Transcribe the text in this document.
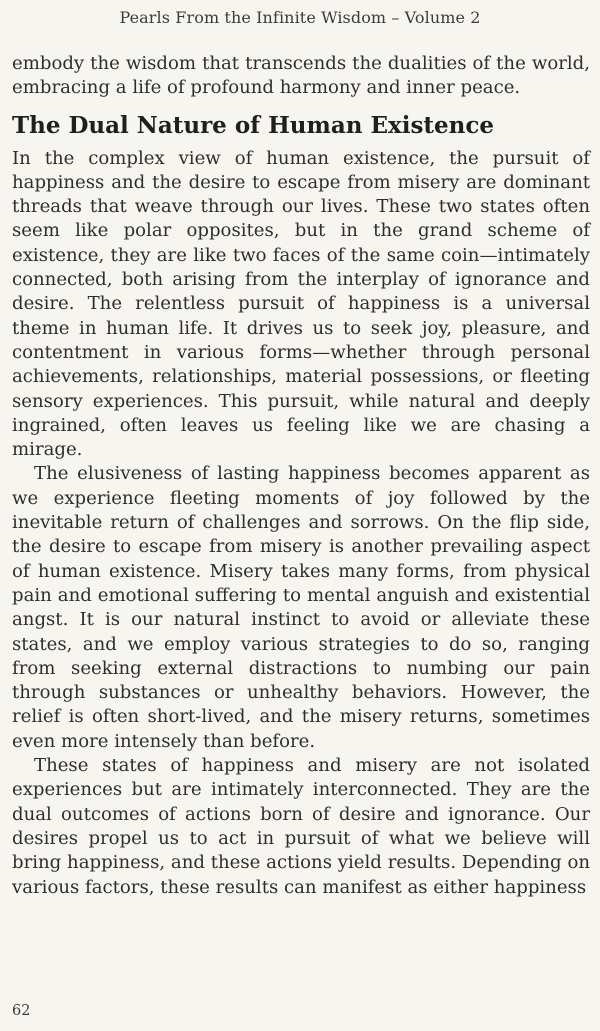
Pearls From the Infinite Wisdom – Volume 2

embody the wisdom that transcends the dualities of the world, embracing a life of profound harmony and inner peace.

The Dual Nature of Human Existence

In the complex view of human existence, the pursuit of happiness and the desire to escape from misery are dominant threads that weave through our lives. These two states often seem like polar opposites, but in the grand scheme of existence, they are like two faces of the same coin—intimately connected, both arising from the interplay of ignorance and desire. The relentless pursuit of happiness is a universal theme in human life. It drives us to seek joy, pleasure, and contentment in various forms—whether through personal achievements, relationships, material possessions, or fleeting sensory experiences. This pursuit, while natural and deeply ingrained, often leaves us feeling like we are chasing a mirage.

The elusiveness of lasting happiness becomes apparent as we experience fleeting moments of joy followed by the inevitable return of challenges and sorrows. On the flip side, the desire to escape from misery is another prevailing aspect of human existence. Misery takes many forms, from physical pain and emotional suffering to mental anguish and existential angst. It is our natural instinct to avoid or alleviate these states, and we employ various strategies to do so, ranging from seeking external distractions to numbing our pain through substances or unhealthy behaviors. However, the relief is often short-lived, and the misery returns, sometimes even more intensely than before.

These states of happiness and misery are not isolated experiences but are intimately interconnected. They are the dual outcomes of actions born of desire and ignorance. Our desires propel us to act in pursuit of what we believe will bring happiness, and these actions yield results. Depending on various factors, these results can manifest as either happiness

62
